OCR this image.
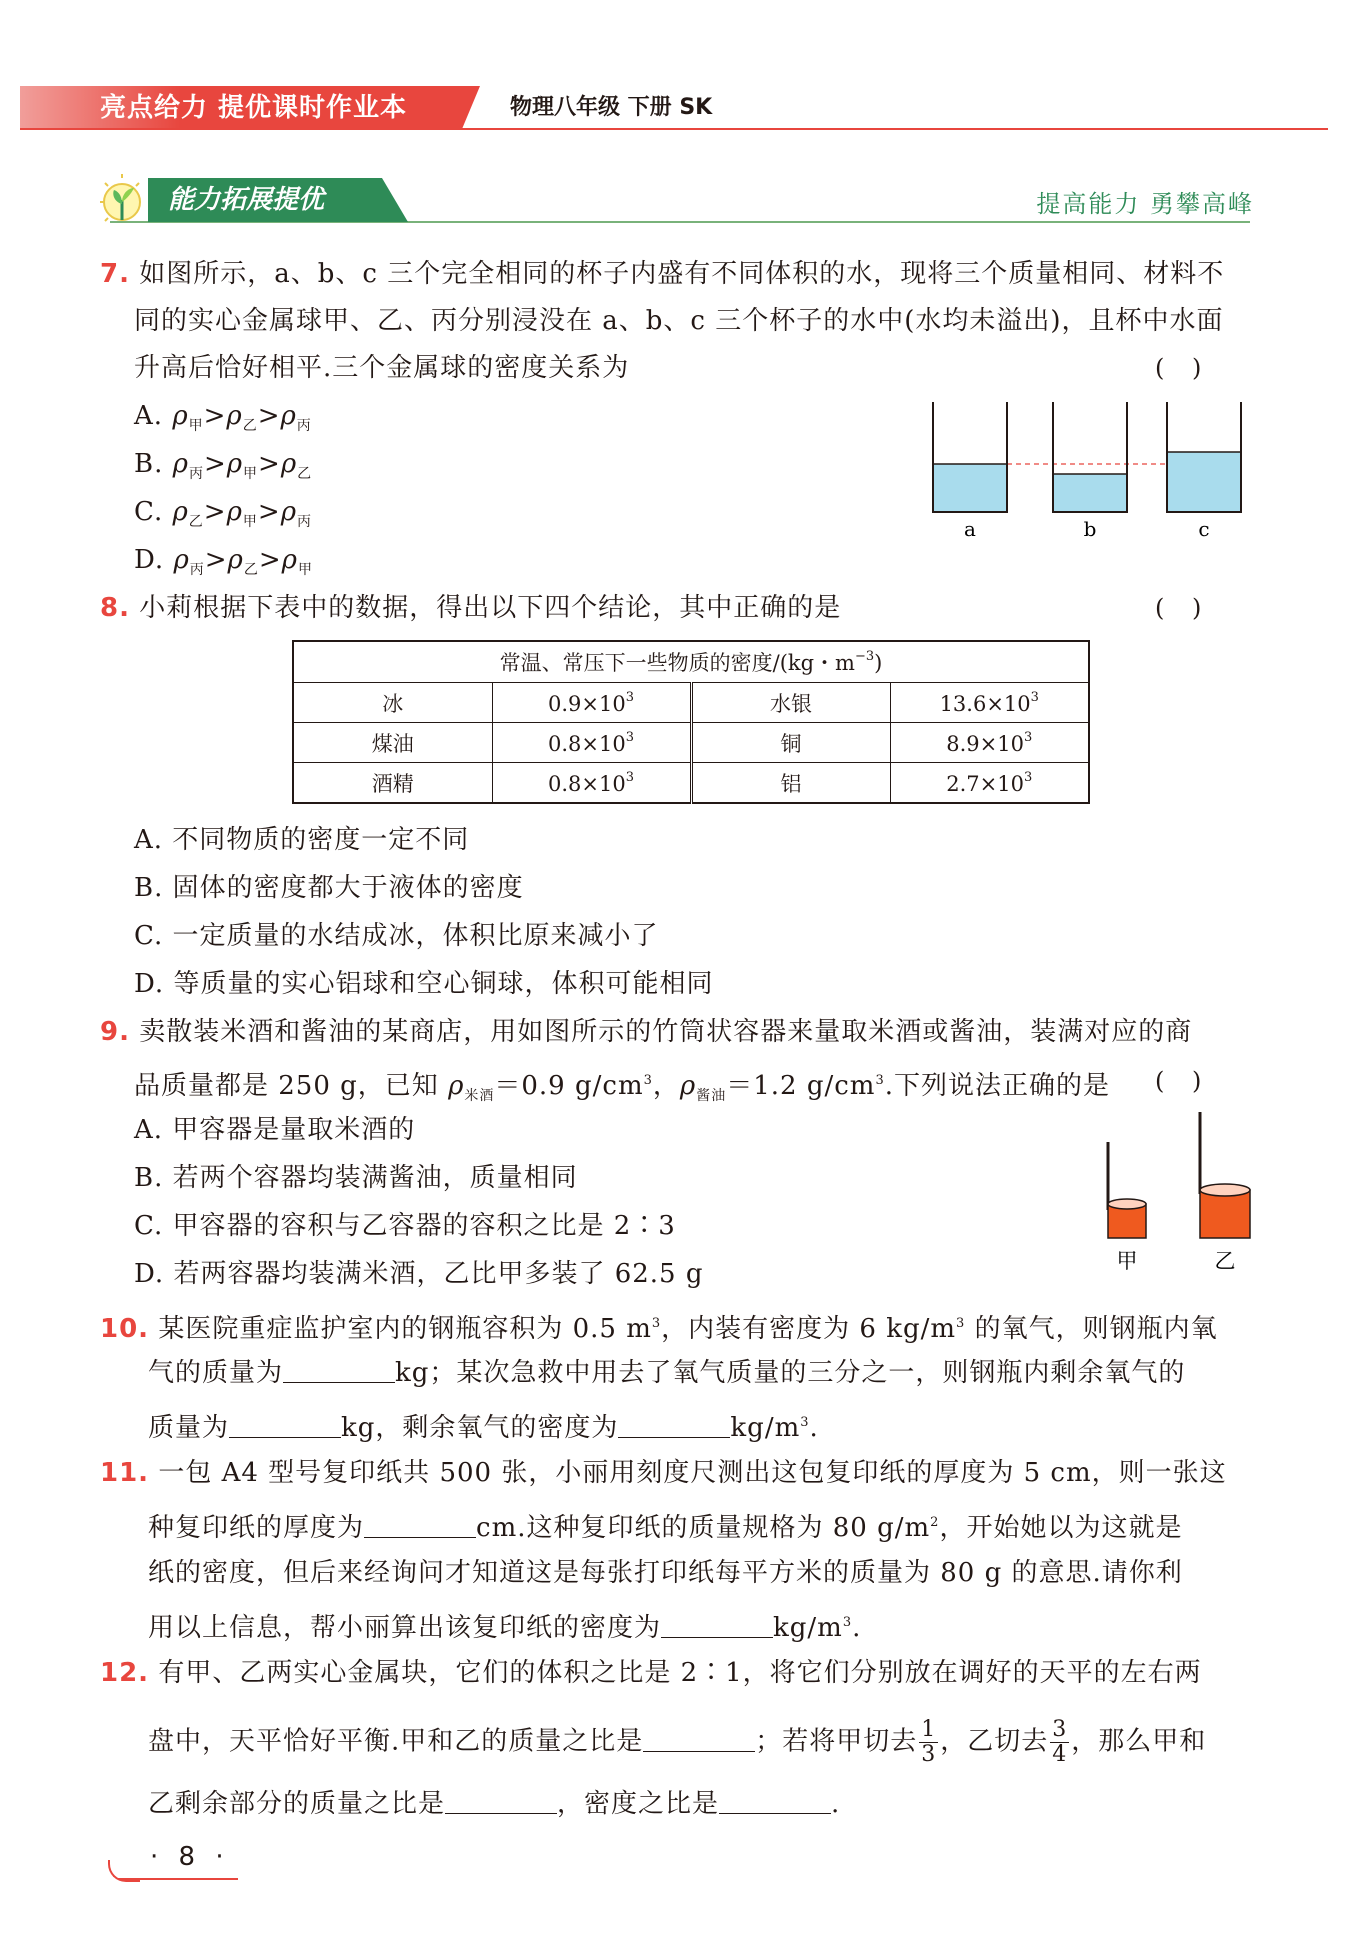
亮点给力 提优课时作业本	物理八年级 下册 SK
能力拓展提优	提高能力 勇攀高峰
7. 如图所示，a、b、c 三个完全相同的杯子内盛有不同体积的水，现将三个质量相同、材料不
同的实心金属球甲、乙、丙分别浸没在 a、b、c 三个杯子的水中(水均未溢出)，且杯中水面
升高后恰好相平.三个金属球的密度关系为	( )
A. $\rho_甲>\rho_乙>\rho_丙$
B. $\rho_丙>\rho_甲>\rho_乙$
C. $\rho_乙>\rho_甲>\rho_丙$
D. $\rho_丙>\rho_乙>\rho_甲$
a	b	c
8. 小莉根据下表中的数据，得出以下四个结论，其中正确的是	( )
常温、常压下一些物质的密度/(kg・$m^{-3}$)			
冰	$0.9\times 10^3$	水银	$13.6\times 10^3$
煤油	$0.8\times 10^3$	铜	$8.9\times 10^3$
酒精	$0.8\times 10^3$	铝	$2.7\times 10^3$
A. 不同物质的密度一定不同
B. 固体的密度都大于液体的密度
C. 一定质量的水结成冰，体积比原来减小了
D. 等质量的实心铝球和空心铜球，体积可能相同
9. 卖散装米酒和酱油的某商店，用如图所示的竹筒状容器来量取米酒或酱油，装满对应的商
品质量都是 250 g，已知 $\rho_{米酒}=0.9$ $g/cm^3$，$\rho_{酱油}=1.2$ $g/cm^3$.下列说法正确的是 ( )
A. 甲容器是量取米酒的
B. 若两个容器均装满酱油，质量相同
C. 甲容器的容积与乙容器的容积之比是 2∶3
D. 若两容器均装满米酒，乙比甲多装了 62.5 g	甲	乙
10. 某医院重症监护室内的钢瓶容积为 0.5 $m^3$，内装有密度为 6 $kg/m^3$ 的氧气，则钢瓶内氧
气的质量为	kg；某次急救中用去了氧气质量的三分之一，则钢瓶内剩余氧气的
质量为	kg，剩余氧气的密度为	$kg/m^3$.
11. 一包 A4 型号复印纸共 500 张，小丽用刻度尺测出这包复印纸的厚度为 5 cm，则一张这
种复印纸的厚度为	cm.这种复印纸的质量规格为 80 $g/m^2$，开始她以为这就是
纸的密度，但后来经询问才知道这是每张打印纸每平方米的质量为 80 g 的意思.请你利
用以上信息，帮小丽算出该复印纸的密度为	$kg/m^3$.
12. 有甲、乙两实心金属块，它们的体积之比是 2∶1，将它们分别放在调好的天平的左右两
盘中，天平恰好平衡.甲和乙的质量之比是	；若将甲切去 $\frac{1}{3}$ ，乙切去 $\frac{3}{4}$ ，那么甲和
乙剩余部分的质量之比是	，密度之比是	.
· 8 ·
